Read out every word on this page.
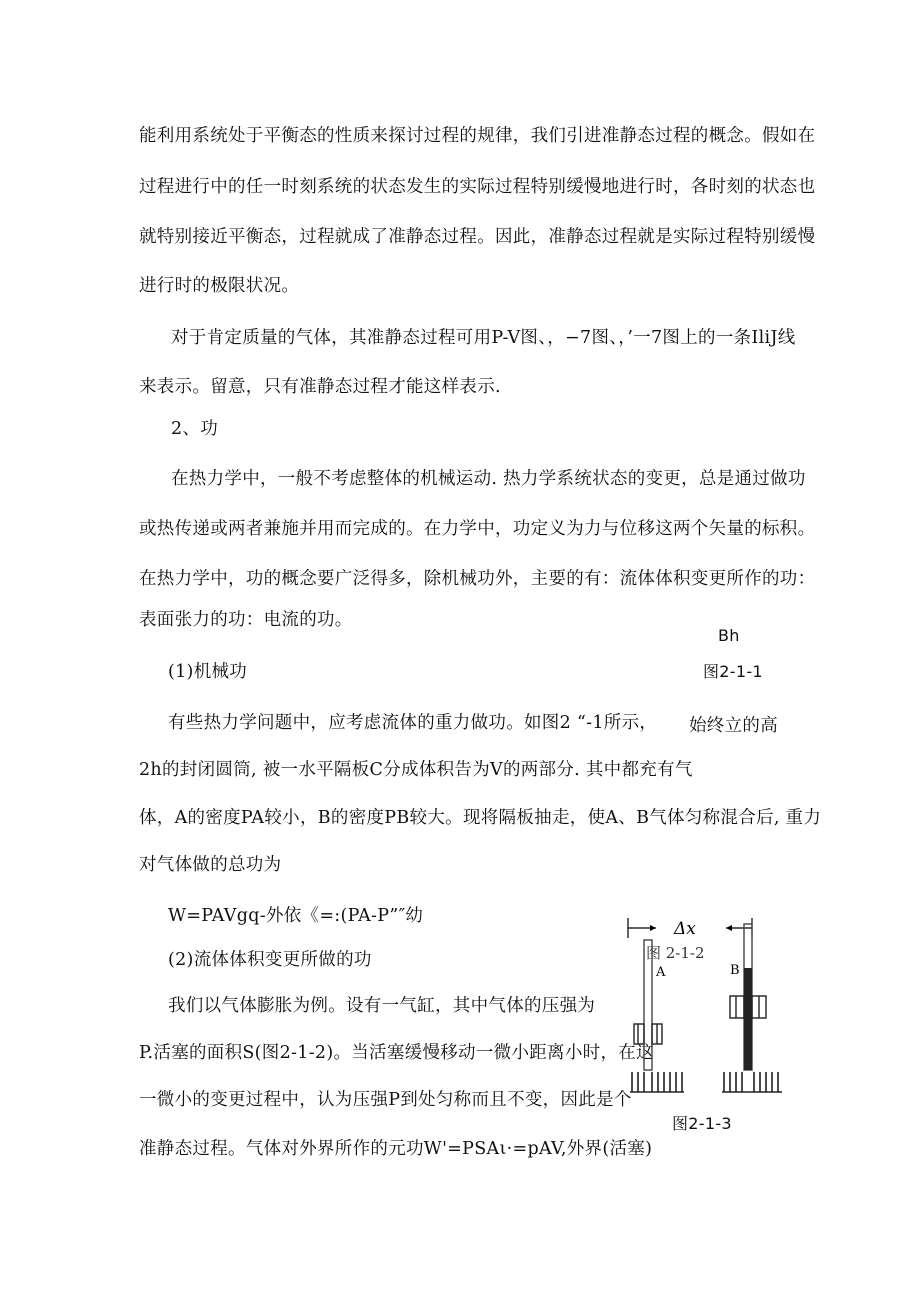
能利用系统处于平衡态的性质来探讨过程的规律，我们引进准静态过程的概念。假如在
过程进行中的任一时刻系统的状态发生的实际过程特别缓慢地进行时，各时刻的状态也
就特别接近平衡态，过程就成了准静态过程。因此，准静态过程就是实际过程特别缓慢
进行时的极限状况。
对于肯定质量的气体，其准静态过程可用P-V图、，−7图、，’一7图上的一条IliJ线
来表示。留意，只有准静态过程才能这样表示.
2、功
在热力学中，一般不考虑整体的机械运动. 热力学系统状态的变更，总是通过做功
或热传递或两者兼施并用而完成的。在力学中，功定义为力与位移这两个矢量的标积。
在热力学中，功的概念要广泛得多，除机械功外，主要的有：流体体积变更所作的功：
表面张力的功：电流的功。
Bh
图2-1-1
(1)机械功
有些热力学问题中，应考虑流体的重力做功。如图2 “-1所示， 始终立的高
2h的封闭圆筒, 被一水平隔板C分成体积告为V的两部分. 其中都充有气
体，A的密度PA较小，B的密度PB较大。现将隔板抽走，使A、B气体匀称混合后, 重力
对气体做的总功为
W=PAVgq-外依《=:(PA-P”″幼
(2)流体体积变更所做的功
我们以气体膨胀为例。设有一气缸，其中气体的压强为
P.活塞的面积S(图2-1-2)。当活塞缓慢移动一微小距离小时，在这
一微小的变更过程中，认为压强P到处匀称而且不变，因此是个
准静态过程。气体对外界所作的元功W'=PSAι·=pAV,外界(活塞)
Δx
图 2-1-2
A	B
图2-1-3
